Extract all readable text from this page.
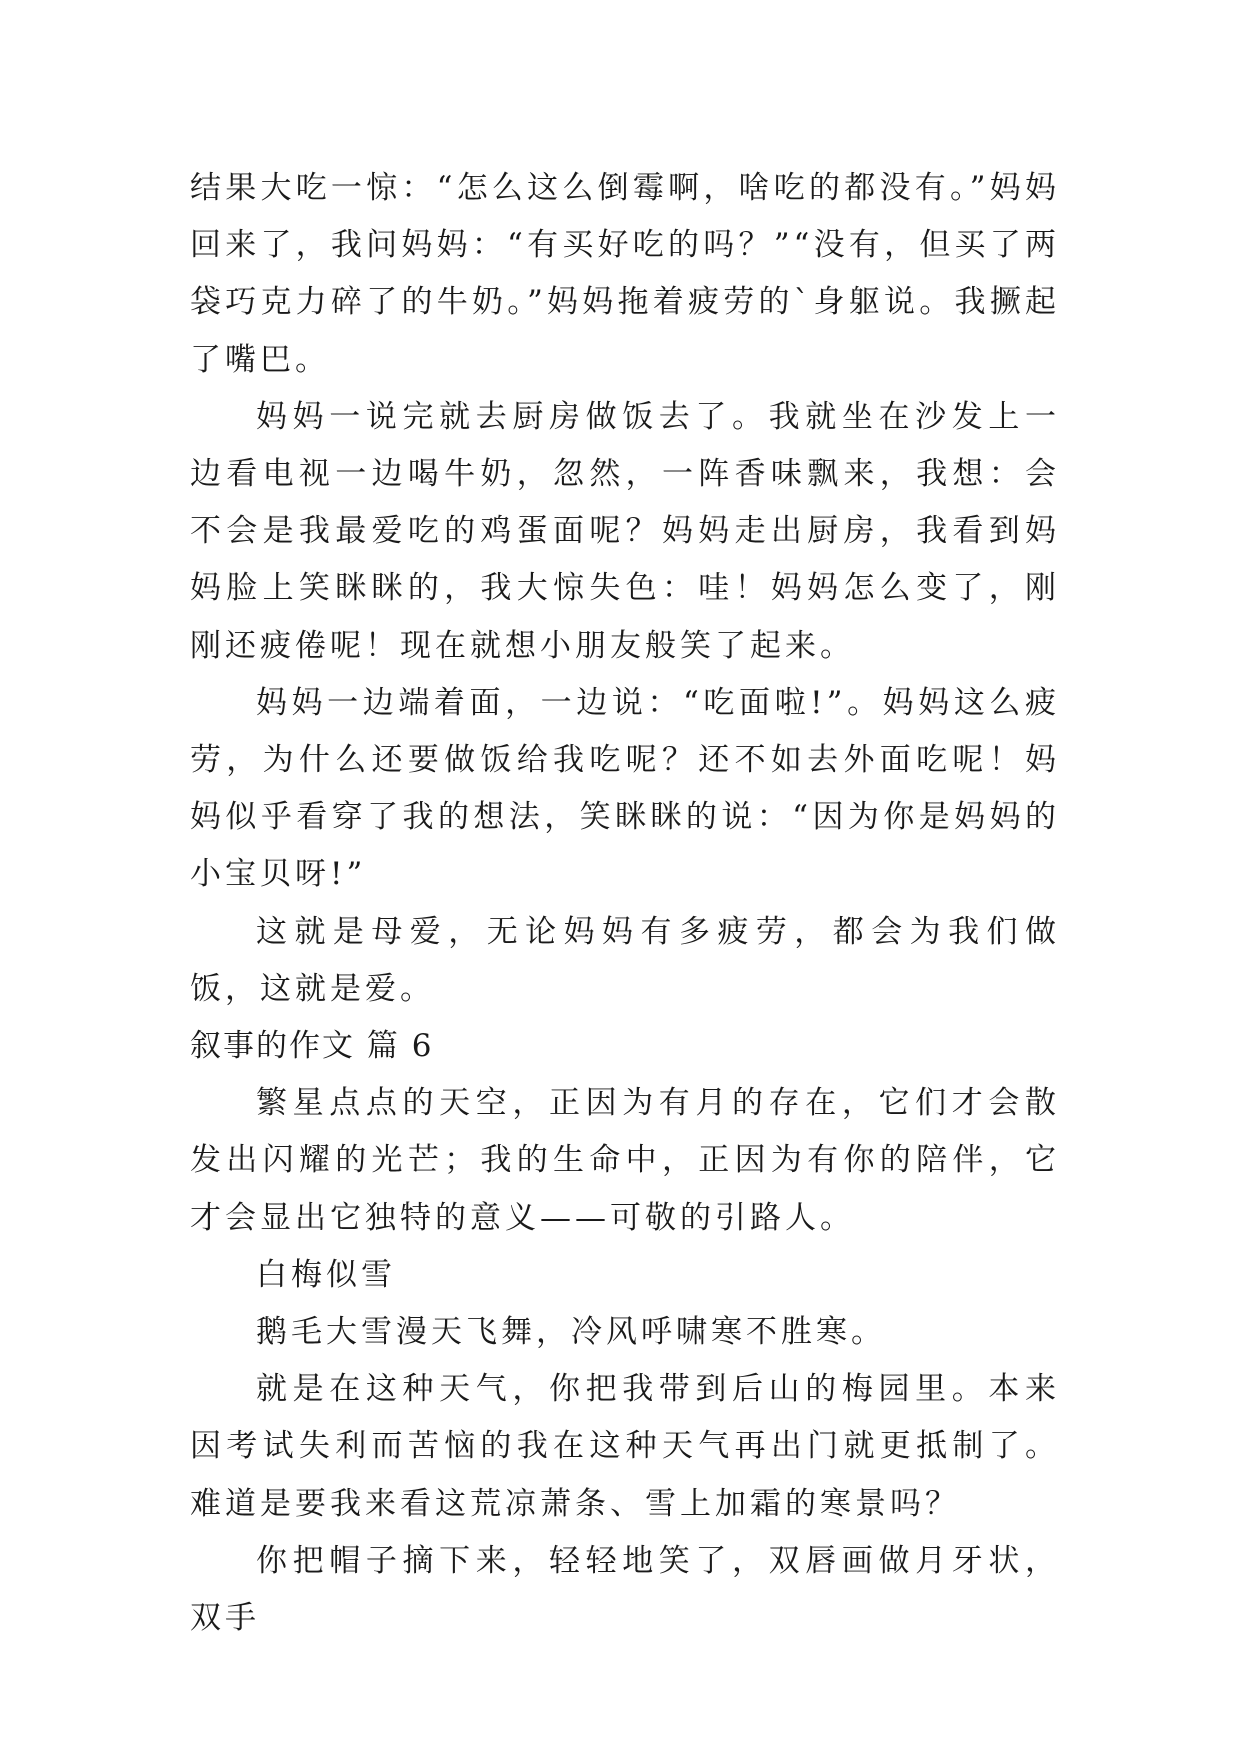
结果大吃一惊：“怎么这么倒霉啊，啥吃的都没有。”妈妈回来了，我问妈妈：“有买好吃的吗？”“没有，但买了两袋巧克力碎了的牛奶。”妈妈拖着疲劳的`身躯说。我撅起了嘴巴。

妈妈一说完就去厨房做饭去了。我就坐在沙发上一边看电视一边喝牛奶，忽然，一阵香味飘来，我想：会不会是我最爱吃的鸡蛋面呢？妈妈走出厨房，我看到妈妈脸上笑眯眯的，我大惊失色：哇！妈妈怎么变了，刚刚还疲倦呢！现在就想小朋友般笑了起来。

妈妈一边端着面，一边说：“吃面啦!”。妈妈这么疲劳，为什么还要做饭给我吃呢？还不如去外面吃呢！妈妈似乎看穿了我的想法，笑眯眯的说：“因为你是妈妈的小宝贝呀!”

这就是母爱，无论妈妈有多疲劳，都会为我们做饭，这就是爱。

叙事的作文 篇 6

繁星点点的天空，正因为有月的存在，它们才会散发出闪耀的光芒；我的生命中，正因为有你的陪伴，它才会显出它独特的意义——可敬的引路人。

白梅似雪

鹅毛大雪漫天飞舞，冷风呼啸寒不胜寒。

就是在这种天气，你把我带到后山的梅园里。本来因考试失利而苦恼的我在这种天气再出门就更抵制了。难道是要我来看这荒凉萧条、雪上加霜的寒景吗？

你把帽子摘下来，轻轻地笑了，双唇画做月牙状，双手
